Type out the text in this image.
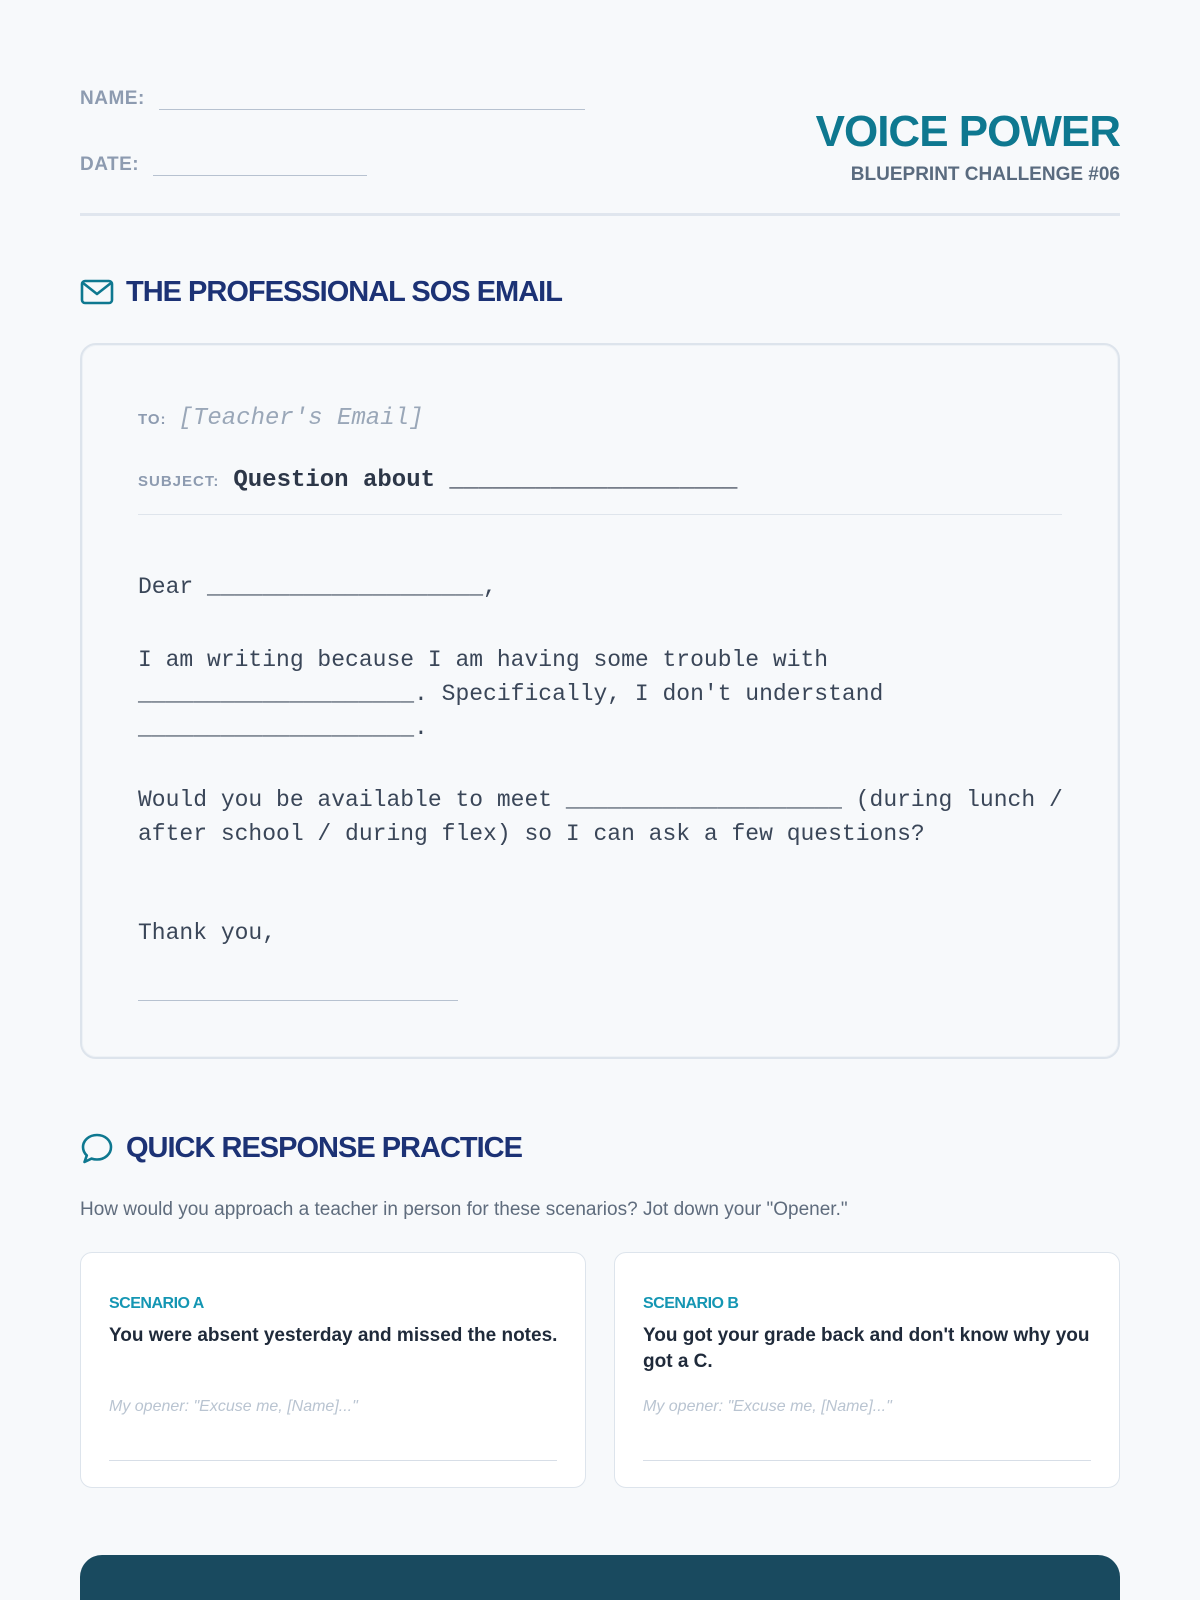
NAME:
DATE:
VOICE POWER
BLUEPRINT CHALLENGE #06
THE PROFESSIONAL SOS EMAIL
TO: [Teacher's Email]
SUBJECT: Question about ____________________
Dear ____________________,
I am writing because I am having some trouble with ____________________. Specifically, I don't understand ____________________.
Would you be available to meet ____________________ (during lunch / after school / during flex) so I can ask a few questions?
Thank you,
QUICK RESPONSE PRACTICE
How would you approach a teacher in person for these scenarios? Jot down your "Opener."
SCENARIO A
You were absent yesterday and missed the notes.
My opener: "Excuse me, [Name]..."
SCENARIO B
You got your grade back and don't know why you got a C.
My opener: "Excuse me, [Name]..."
